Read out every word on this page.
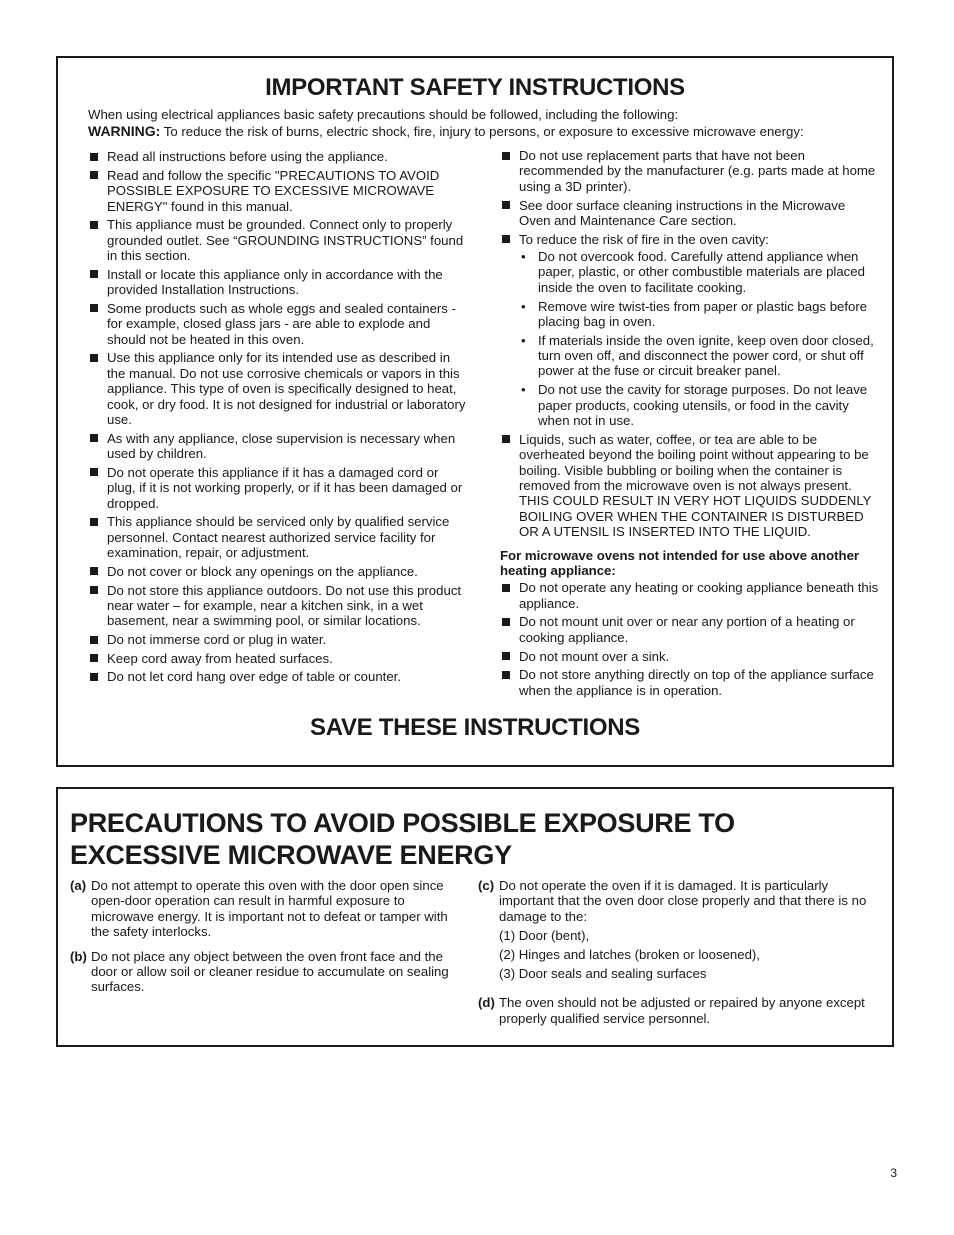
IMPORTANT SAFETY INSTRUCTIONS

When using electrical appliances basic safety precautions should be followed, including the following:

WARNING: To reduce the risk of burns, electric shock, fire, injury to persons, or exposure to excessive microwave energy:

Read all instructions before using the appliance.
Read and follow the specific "PRECAUTIONS TO AVOID POSSIBLE EXPOSURE TO EXCESSIVE MICROWAVE ENERGY" found in this manual.
This appliance must be grounded. Connect only to properly grounded outlet. See “GROUNDING INSTRUCTIONS” found in this section.
Install or locate this appliance only in accordance with the provided Installation Instructions.
Some products such as whole eggs and sealed containers - for example, closed glass jars - are able to explode and should not be heated in this oven.
Use this appliance only for its intended use as described in the manual. Do not use corrosive chemicals or vapors in this appliance. This type of oven is specifically designed to heat, cook, or dry food. It is not designed for industrial or laboratory use.
As with any appliance, close supervision is necessary when used by children.
Do not operate this appliance if it has a damaged cord or plug, if it is not working properly, or if it has been damaged or dropped.
This appliance should be serviced only by qualified service personnel. Contact nearest authorized service facility for examination, repair, or adjustment.
Do not cover or block any openings on the appliance.
Do not store this appliance outdoors. Do not use this product near water – for example, near a kitchen sink, in a wet basement, near a swimming pool, or similar locations.
Do not immerse cord or plug in water.
Keep cord away from heated surfaces.
Do not let cord hang over edge of table or counter.
Do not use replacement parts that have not been recommended by the manufacturer (e.g. parts made at home using a 3D printer).
See door surface cleaning instructions in the Microwave Oven and Maintenance Care section.
To reduce the risk of fire in the oven cavity:
• Do not overcook food. Carefully attend appliance when paper, plastic, or other combustible materials are placed inside the oven to facilitate cooking.
• Remove wire twist-ties from paper or plastic bags before placing bag in oven.
• If materials inside the oven ignite, keep oven door closed, turn oven off, and disconnect the power cord, or shut off power at the fuse or circuit breaker panel.
• Do not use the cavity for storage purposes. Do not leave paper products, cooking utensils, or food in the cavity when not in use.
Liquids, such as water, coffee, or tea are able to be overheated beyond the boiling point without appearing to be boiling. Visible bubbling or boiling when the container is removed from the microwave oven is not always present. THIS COULD RESULT IN VERY HOT LIQUIDS SUDDENLY BOILING OVER WHEN THE CONTAINER IS DISTURBED OR A UTENSIL IS INSERTED INTO THE LIQUID.
For microwave ovens not intended for use above another heating appliance:
Do not operate any heating or cooking appliance beneath this appliance.
Do not mount unit over or near any portion of a heating or cooking appliance.
Do not mount over a sink.
Do not store anything directly on top of the appliance surface when the appliance is in operation.
SAVE THESE INSTRUCTIONS
PRECAUTIONS TO AVOID POSSIBLE EXPOSURE TO EXCESSIVE MICROWAVE ENERGY
(a) Do not attempt to operate this oven with the door open since open-door operation can result in harmful exposure to microwave energy. It is important not to defeat or tamper with the safety interlocks.
(b) Do not place any object between the oven front face and the door or allow soil or cleaner residue to accumulate on sealing surfaces.
(c) Do not operate the oven if it is damaged. It is particularly important that the oven door close properly and that there is no damage to the:
(1) Door (bent),
(2) Hinges and latches (broken or loosened),
(3) Door seals and sealing surfaces
(d) The oven should not be adjusted or repaired by anyone except properly qualified service personnel.
3
